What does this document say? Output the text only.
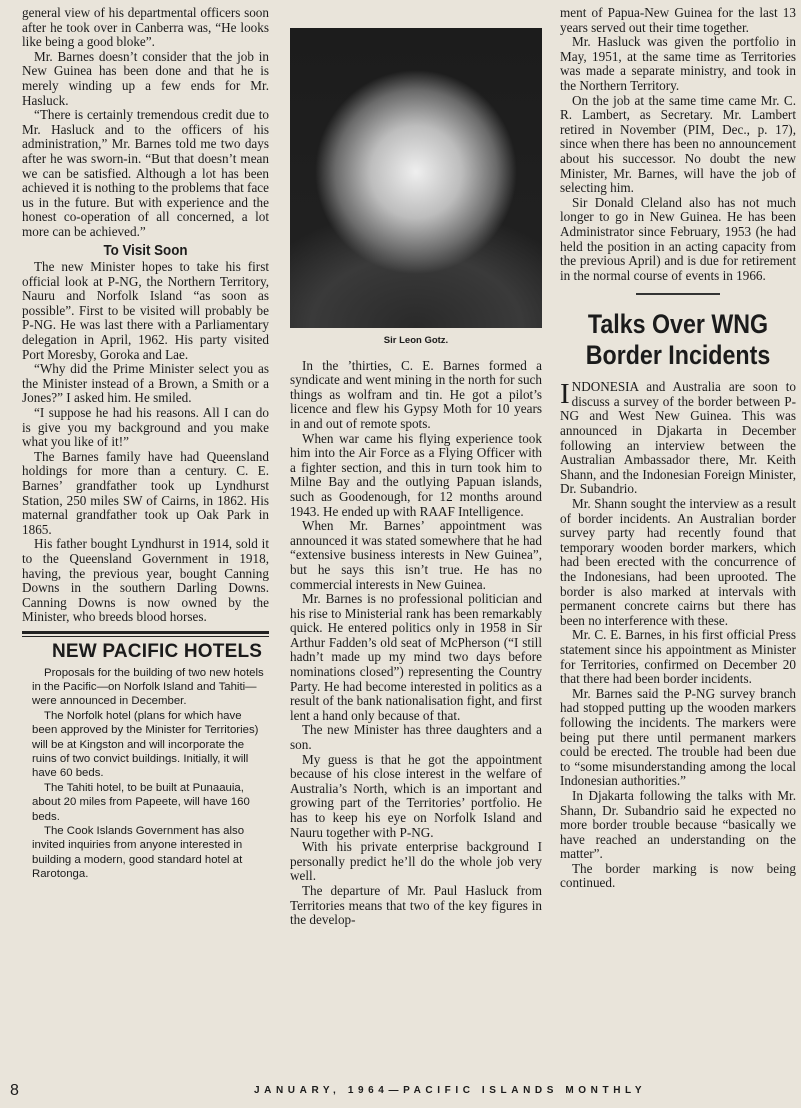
general view of his departmental officers soon after he took over in Canberra was, “He looks like being a good bloke”.

Mr. Barnes doesn’t consider that the job in New Guinea has been done and that he is merely winding up a few ends for Mr. Hasluck.

“There is certainly tremendous credit due to Mr. Hasluck and to the officers of his administration,” Mr. Barnes told me two days after he was sworn-in. “But that doesn’t mean we can be satisfied. Although a lot has been achieved it is nothing to the problems that face us in the future. But with experience and the honest co-operation of all concerned, a lot more can be achieved.”

To Visit Soon

The new Minister hopes to take his first official look at P-NG, the Northern Territory, Nauru and Norfolk Island “as soon as possible”. First to be visited will probably be P-NG. He was last there with a Parliamentary delegation in April, 1962. His party visited Port Moresby, Goroka and Lae.

“Why did the Prime Minister select you as the Minister instead of a Brown, a Smith or a Jones?” I asked him. He smiled.

“I suppose he had his reasons. All I can do is give you my background and you make what you like of it!”

The Barnes family have had Queensland holdings for more than a century. C. E. Barnes’ grandfather took up Lyndhurst Station, 250 miles SW of Cairns, in 1862. His maternal grandfather took up Oak Park in 1865.

His father bought Lyndhurst in 1914, sold it to the Queensland Government in 1918, having, the previous year, bought Canning Downs in the southern Darling Downs. Canning Downs is now owned by the Minister, who breeds blood horses.

NEW PACIFIC HOTELS

Proposals for the building of two new hotels in the Pacific—on Norfolk Island and Tahiti—were announced in December.

The Norfolk hotel (plans for which have been approved by the Minister for Territories) will be at Kingston and will incorporate the ruins of two convict buildings. Initially, it will have 60 beds.

The Tahiti hotel, to be built at Punaauia, about 20 miles from Papeete, will have 160 beds.

The Cook Islands Government has also invited inquiries from anyone interested in building a modern, good standard hotel at Rarotonga.

Sir Leon Gotz.

In the ’thirties, C. E. Barnes formed a syndicate and went mining in the north for such things as wolfram and tin. He got a pilot’s licence and flew his Gypsy Moth for 10 years in and out of remote spots.

When war came his flying experience took him into the Air Force as a Flying Officer with a fighter section, and this in turn took him to Milne Bay and the outlying Papuan islands, such as Goodenough, for 12 months around 1943. He ended up with RAAF Intelligence.

When Mr. Barnes’ appointment was announced it was stated somewhere that he had “extensive business interests in New Guinea”, but he says this isn’t true. He has no commercial interests in New Guinea.

Mr. Barnes is no professional politician and his rise to Ministerial rank has been remarkably quick. He entered politics only in 1958 in Sir Arthur Fadden’s old seat of McPherson (“I still hadn’t made up my mind two days before nominations closed”) representing the Country Party. He had become interested in politics as a result of the bank nationalisation fight, and first lent a hand only because of that.

The new Minister has three daughters and a son.

My guess is that he got the appointment because of his close interest in the welfare of Australia’s North, which is an important and growing part of the Territories’ portfolio. He has to keep his eye on Norfolk Island and Nauru together with P-NG.

With his private enterprise background I personally predict he’ll do the whole job very well.

The departure of Mr. Paul Hasluck from Territories means that two of the key figures in the develop-

ment of Papua-New Guinea for the last 13 years served out their time together.

Mr. Hasluck was given the portfolio in May, 1951, at the same time as Territories was made a separate ministry, and took in the Northern Territory.

On the job at the same time came Mr. C. R. Lambert, as Secretary. Mr. Lambert retired in November (PIM, Dec., p. 17), since when there has been no announcement about his successor. No doubt the new Minister, Mr. Barnes, will have the job of selecting him.

Sir Donald Cleland also has not much longer to go in New Guinea. He has been Administrator since February, 1953 (he had held the position in an acting capacity from the previous April) and is due for retirement in the normal course of events in 1966.

Talks Over WNG
Border Incidents

INDONESIA and Australia are soon to discuss a survey of the border between P-NG and West New Guinea. This was announced in Djakarta in December following an interview between the Australian Ambassador there, Mr. Keith Shann, and the Indonesian Foreign Minister, Dr. Subandrio.

Mr. Shann sought the interview as a result of border incidents. An Australian border survey party had recently found that temporary wooden border markers, which had been erected with the concurrence of the Indonesians, had been uprooted. The border is also marked at intervals with permanent concrete cairns but there has been no interference with these.

Mr. C. E. Barnes, in his first official Press statement since his appointment as Minister for Territories, confirmed on December 20 that there had been border incidents.

Mr. Barnes said the P-NG survey branch had stopped putting up the wooden markers following the incidents. The markers were being put there until permanent markers could be erected. The trouble had been due to “some misunderstanding among the local Indonesian authorities.”

In Djakarta following the talks with Mr. Shann, Dr. Subandrio said he expected no more border trouble because “basically we have reached an understanding on the matter”.

The border marking is now being continued.

8	JANUARY, 1964—PACIFIC ISLANDS MONTHLY
